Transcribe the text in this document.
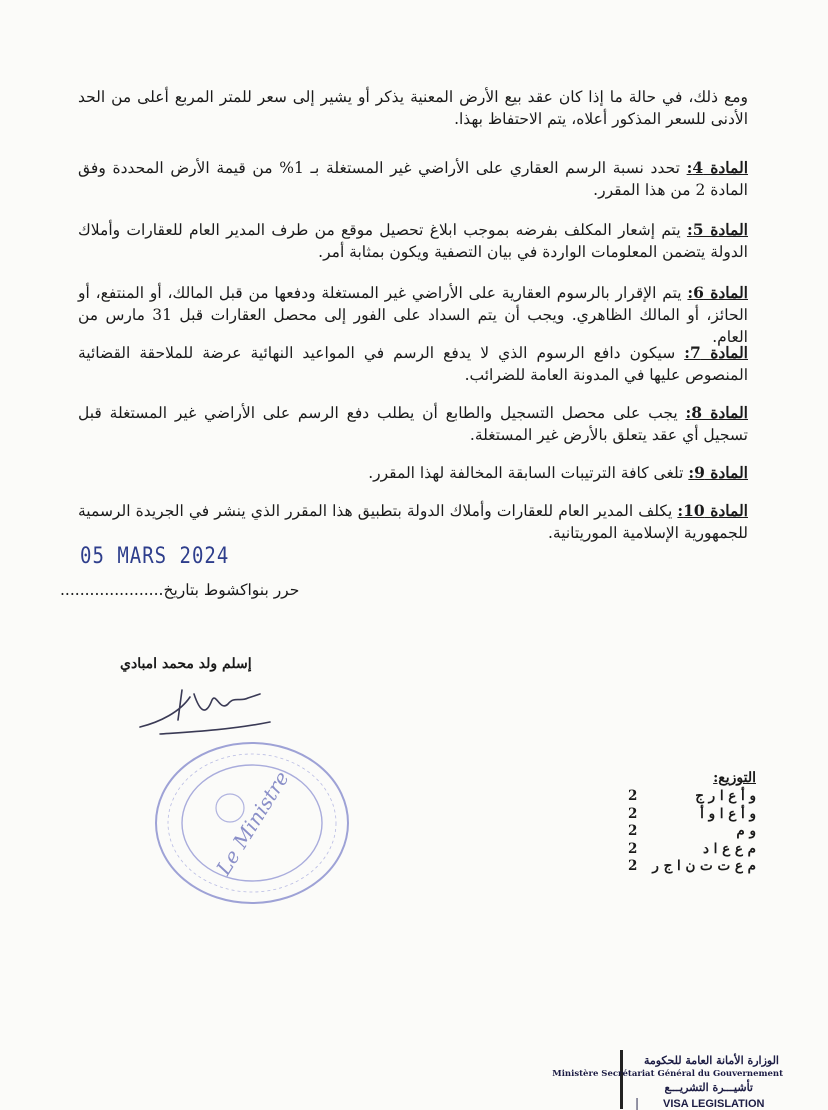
ومع ذلك، في حالة ما إذا كان عقد بيع الأرض المعنية يذكر أو يشير إلى سعر للمتر المربع أعلى من الحد الأدنى للسعر المذكور أعلاه، يتم الاحتفاظ بهذا.

المادة 4: تحدد نسبة الرسم العقاري على الأراضي غير المستغلة بـ 1% من قيمة الأرض المحددة وفق المادة 2 من هذا المقرر.

المادة 5: يتم إشعار المكلف بفرضه بموجب ابلاغ تحصيل موقع من طرف المدير العام للعقارات وأملاك الدولة يتضمن المعلومات الواردة في بيان التصفية ويكون بمثابة أمر.

المادة 6: يتم الإقرار بالرسوم العقارية على الأراضي غير المستغلة ودفعها من قبل المالك، أو المنتفع، أو الحائز، أو المالك الظاهري. ويجب أن يتم السداد على الفور إلى محصل العقارات قبل 31 مارس من العام.

المادة 7: سيكون دافع الرسوم الذي لا يدفع الرسم في المواعيد النهائية عرضة للملاحقة القضائية المنصوص عليها في المدونة العامة للضرائب.

المادة 8: يجب على محصل التسجيل والطابع أن يطلب دفع الرسم على الأراضي غير المستغلة قبل تسجيل أي عقد يتعلق بالأرض غير المستغلة.

المادة 9: تلغى كافة الترتيبات السابقة المخالفة لهذا المقرر.

المادة 10: يكلف المدير العام للعقارات وأملاك الدولة بتطبيق هذا المقرر الذي ينشر في الجريدة الرسمية للجمهورية الإسلامية الموريتانية.

05 MARS 2024
حرر بنواكشوط بتاريخ.....................
إسلم ولد محمد امبادي
Le Ministre	التوزيع:
و أ ع ا ر ج
2
و أ ع ا و أ
2
و م
2
م ع ع ا د
2
م ع ت ت ن ا ج ر
2
الوزارة الأمانة العامة للحكومة
Ministère Secrétariat Général du Gouvernement
تأشيـــرة التشريـــع
| VISA LEGISLATION
